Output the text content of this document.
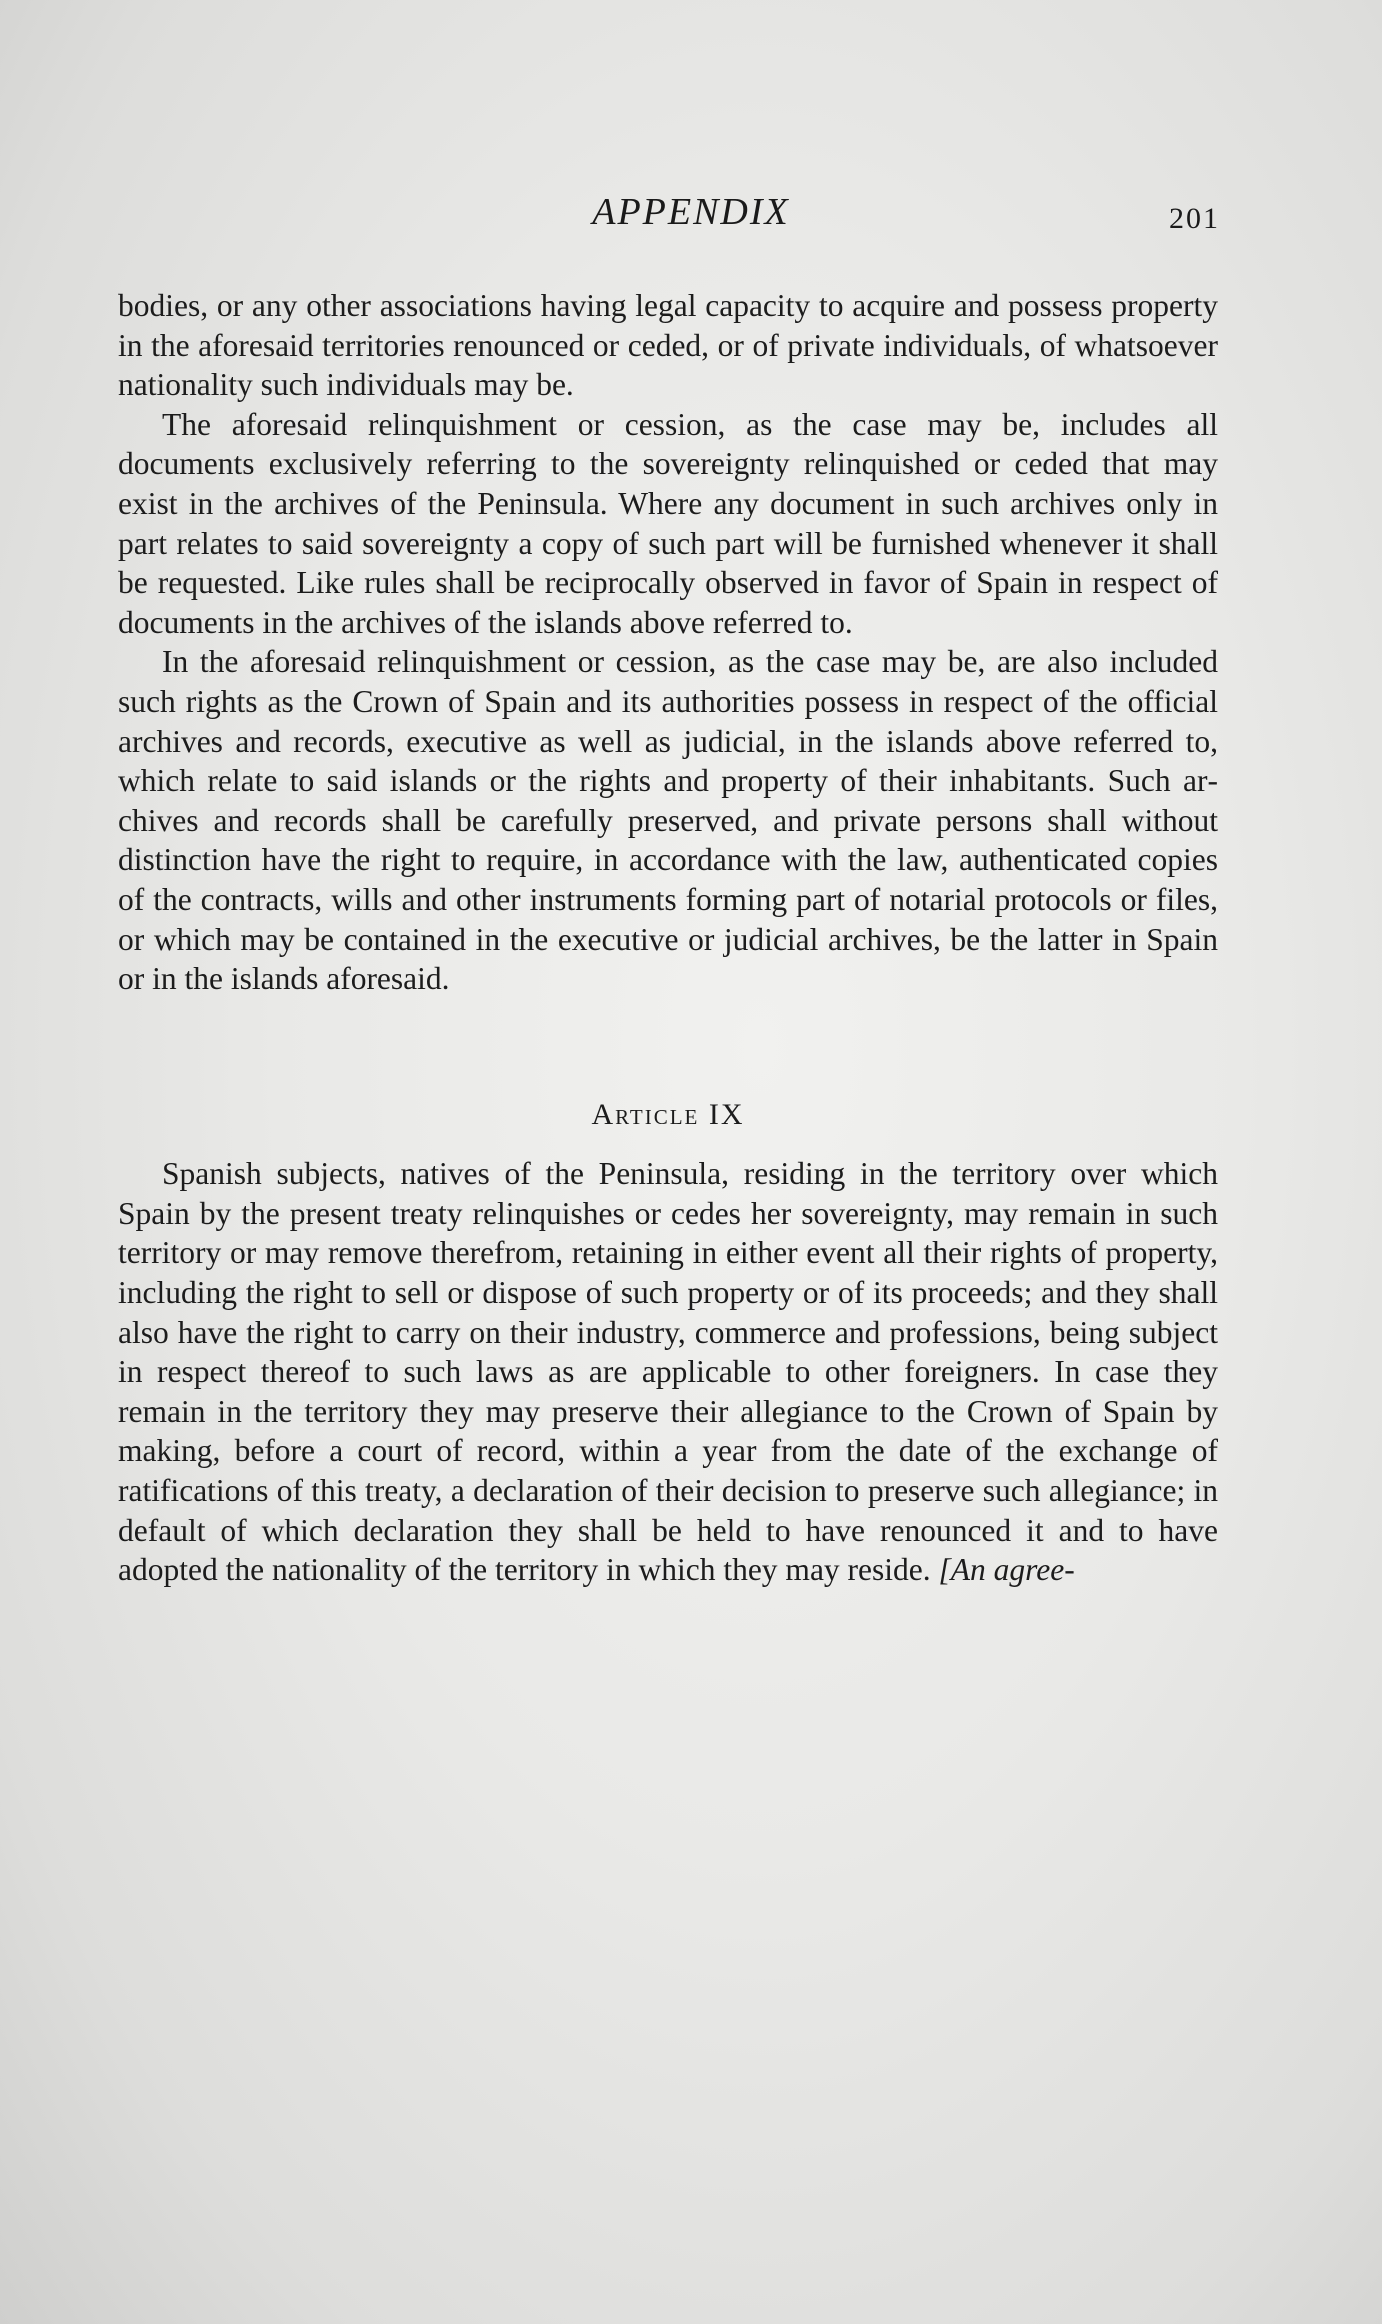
APPENDIX	201

bodies, or any other associations having legal capacity to acquire and possess property in the aforesaid territories renounced or ceded, or of private individuals, of whatsoever nationality such individuals may be.

The aforesaid relinquishment or cession, as the case may be, includes all documents exclusively referring to the sovereignty relinquished or ceded that may exist in the archives of the Peninsula. Where any document in such archives only in part relates to said sovereignty a copy of such part will be furnished whenever it shall be requested. Like rules shall be reciprocally observed in favor of Spain in respect of documents in the archives of the islands above referred to.

In the aforesaid relinquishment or cession, as the case may be, are also included such rights as the Crown of Spain and its authorities possess in respect of the official archives and records, executive as well as judicial, in the islands above referred to, which relate to said islands or the rights and property of their inhabitants. Such archives and records shall be carefully preserved, and private persons shall without distinction have the right to require, in accordance with the law, authenticated copies of the contracts, wills and other instruments forming part of notarial protocols or files, or which may be contained in the executive or judicial archives, be the latter in Spain or in the islands aforesaid.

Article IX

Spanish subjects, natives of the Peninsula, residing in the territory over which Spain by the present treaty relinquishes or cedes her sovereignty, may remain in such territory or may remove therefrom, retaining in either event all their rights of property, including the right to sell or dispose of such property or of its proceeds; and they shall also have the right to carry on their industry, commerce and professions, being subject in respect thereof to such laws as are applicable to other foreigners. In case they remain in the territory they may preserve their allegiance to the Crown of Spain by making, before a court of record, within a year from the date of the exchange of ratifications of this treaty, a declaration of their decision to preserve such allegiance; in default of which declaration they shall be held to have renounced it and to have adopted the nationality of the territory in which they may reside. [An agree-
